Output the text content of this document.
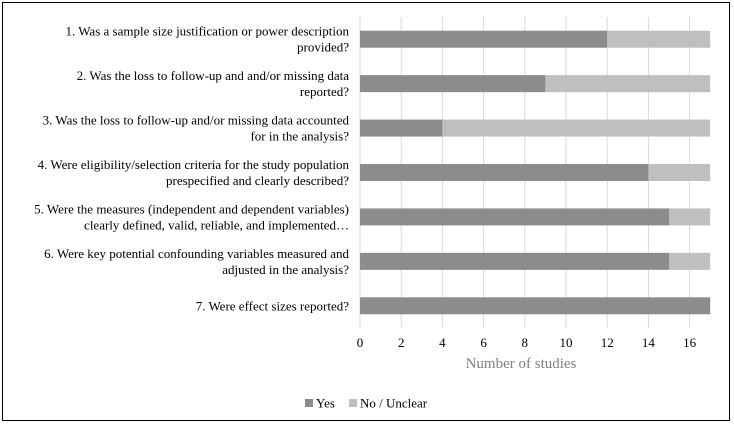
1. Was a sample size justification or power description
provided?
2. Was the loss to follow-up and and/or missing data
reported?
3. Was the loss to follow-up and/or missing data accounted
for in the analysis?
4. Were eligibility/selection criteria for the study population
prespecified and clearly described?
5. Were the measures (independent and dependent variables)
clearly defined, valid, reliable, and implemented…
6. Were key potential confounding variables measured and
adjusted in the analysis?
7. Were effect sizes reported?
0	2	4	6	8 10 12 14 16
Number of studies
Yes No / Unclear
